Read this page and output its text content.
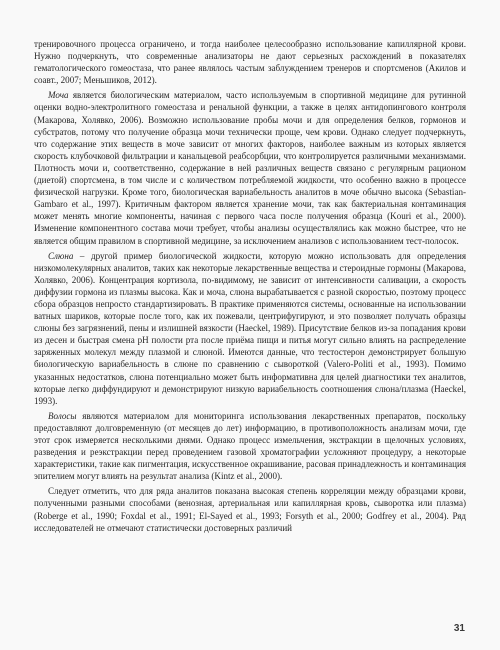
тренировочного процесса ограничено, и тогда наиболее целесообразно использование капиллярной крови. Нужно подчеркнуть, что современные анализаторы не дают серьезных расхождений в показателях гематологического гомеостаза, что ранее являлось частым заблуждением тренеров и спортсменов (Акилов и соавт., 2007; Меньшиков, 2012).

Моча является биологическим материалом, часто используемым в спортивной медицине для рутинной оценки водно-электролитного гомеостаза и ренальной функции, а также в целях антидопингового контроля (Макарова, Холявко, 2006). Возможно использование пробы мочи и для определения белков, гормонов и субстратов, потому что получение образца мочи технически проще, чем крови. Однако следует подчеркнуть, что содержание этих веществ в моче зависит от многих факторов, наиболее важным из которых является скорость клубочковой фильтрации и канальцевой реабсорбции, что контролируется различными механизмами. Плотность мочи и, соответственно, содержание в ней различных веществ связано с регулярным рационом (диетой) спортсмена, в том числе и с количеством потребляемой жидкости, что особенно важно в процессе физической нагрузки. Кроме того, биологическая вариабельность аналитов в моче обычно высока (Sebastian-Gambaro et al., 1997). Критичным фактором является хранение мочи, так как бактериальная контаминация может менять многие компоненты, начиная с первого часа после получения образца (Kouri et al., 2000). Изменение компонентного состава мочи требует, чтобы анализы осуществлялись как можно быстрее, что не является общим правилом в спортивной медицине, за исключением анализов с использованием тест-полосок.

Слюна – другой пример биологической жидкости, которую можно использовать для определения низкомолекулярных аналитов, таких как некоторые лекарственные вещества и стероидные гормоны (Макарова, Холявко, 2006). Концентрация кортизола, по-видимому, не зависит от интенсивности саливации, а скорость диффузии гормона из плазмы высока. Как и моча, слюна вырабатывается с разной скоростью, поэтому процесс сбора образцов непросто стандартизировать. В практике применяются системы, основанные на использовании ватных шариков, которые после того, как их пожевали, центрифугируют, и это позволяет получать образцы слюны без загрязнений, пены и излишней вязкости (Haeckel, 1989). Присутствие белков из-за попадания крови из десен и быстрая смена pH полости рта после приёма пищи и питья могут сильно влиять на распределение заряженных молекул между плазмой и слюной. Имеются данные, что тестостерон демонстрирует большую биологическую вариабельность в слюне по сравнению с сывороткой (Valero-Politi et al., 1993). Помимо указанных недостатков, слюна потенциально может быть информативна для целей диагностики тех аналитов, которые легко диффундируют и демонстрируют низкую вариабельность соотношения слюна/плазма (Haeckel, 1993).

Волосы являются материалом для мониторинга использования лекарственных препаратов, поскольку предоставляют долговременную (от месяцев до лет) информацию, в противоположность анализам мочи, где этот срок измеряется несколькими днями. Однако процесс измельчения, экстракции в щелочных условиях, разведения и реэкстракции перед проведением газовой хроматографии усложняют процедуру, а некоторые характеристики, такие как пигментация, искусственное окрашивание, расовая принадлежность и контаминация эпителием могут влиять на результат анализа (Kintz et al., 2000).

Следует отметить, что для ряда аналитов показана высокая степень корреляции между образцами крови, полученными разными способами (венозная, артериальная или капиллярная кровь, сыворотка или плазма) (Roberge et al., 1990; Foxdal et al., 1991; El-Sayed et al., 1993; Forsyth et al., 2000; Godfrey et al., 2004). Ряд исследователей не отмечают статистически достоверных различий

31
